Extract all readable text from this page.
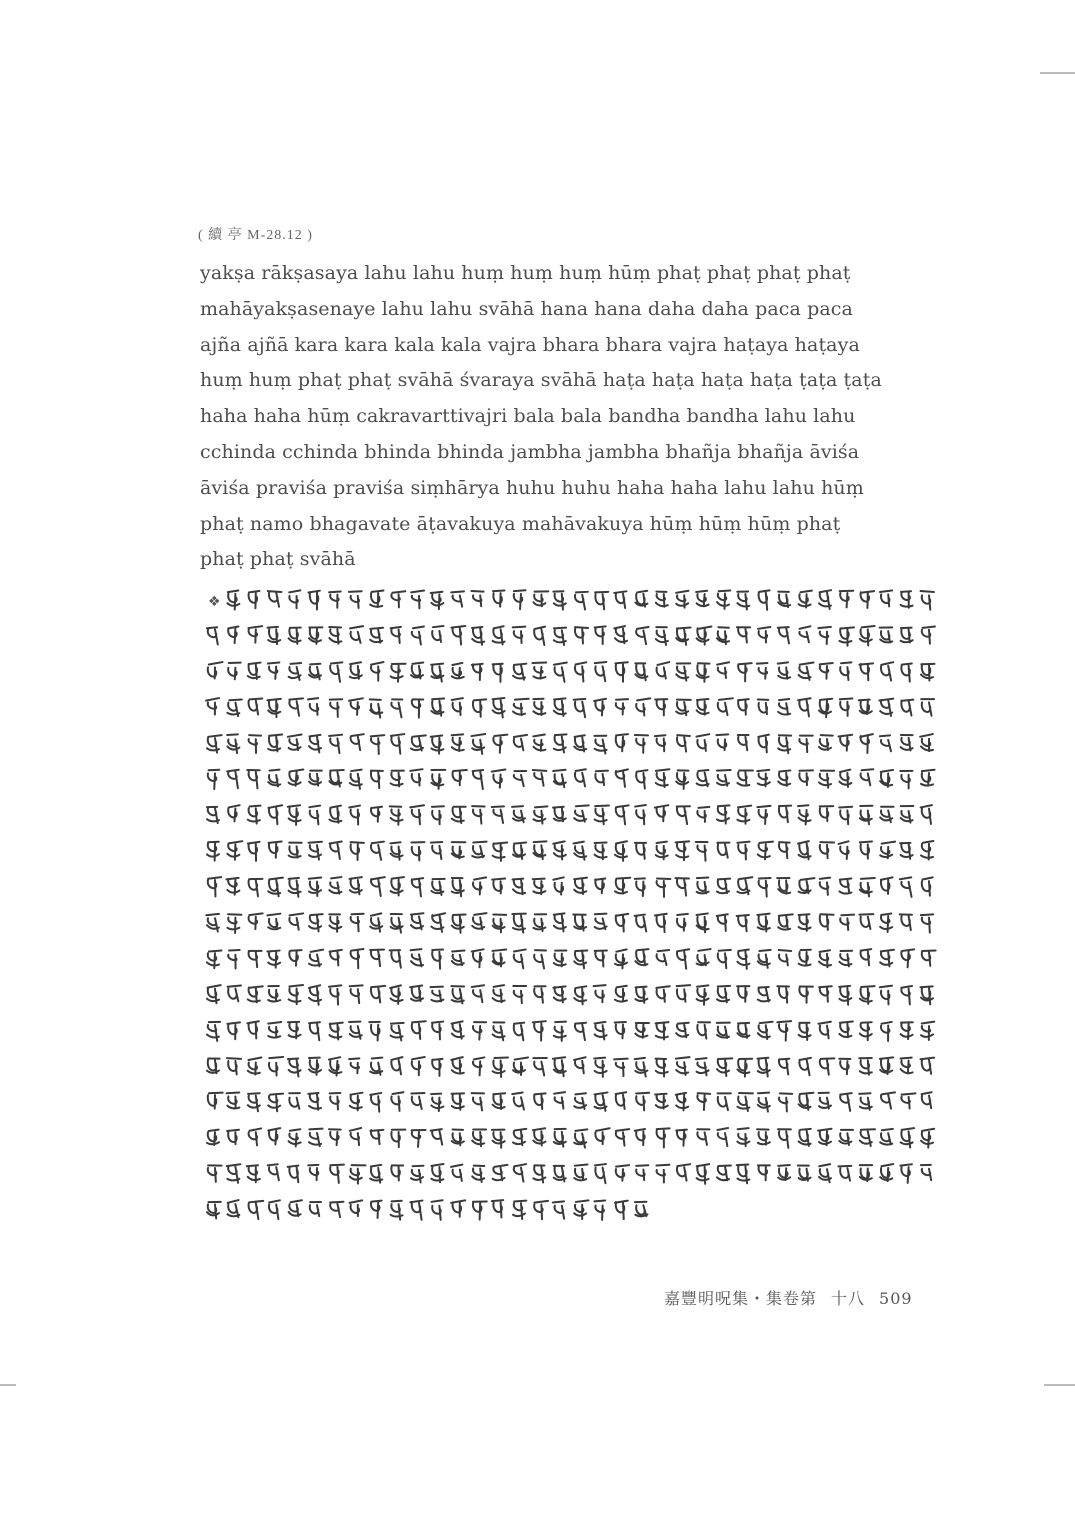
( 續 亭 M-28.12 )
yakṣa rākṣasaya lahu lahu huṃ huṃ huṃ hūṃ phaṭ phaṭ phaṭ phaṭ
mahāyakṣasenaye lahu lahu svāhā hana hana daha daha paca paca
ajña ajñā kara kara kala kala vajra bhara bhara vajra haṭaya haṭaya
huṃ huṃ phaṭ phaṭ svāhā śvaraya svāhā haṭa haṭa haṭa haṭa ṭaṭa ṭaṭa
haha haha hūṃ cakravarttivajri bala bala bandha bandha lahu lahu
cchinda cchinda bhinda bhinda jambha jambha bhañja bhañja āviśa
āviśa praviśa praviśa siṃhārya huhu huhu haha haha lahu lahu hūṃ
phaṭ namo bhagavate āṭavakuya mahāvakuya hūṃ hūṃ hūṃ phaṭ
phaṭ phaṭ svāhā
❖
嘉豐明呪集・集卷第 十八 509
